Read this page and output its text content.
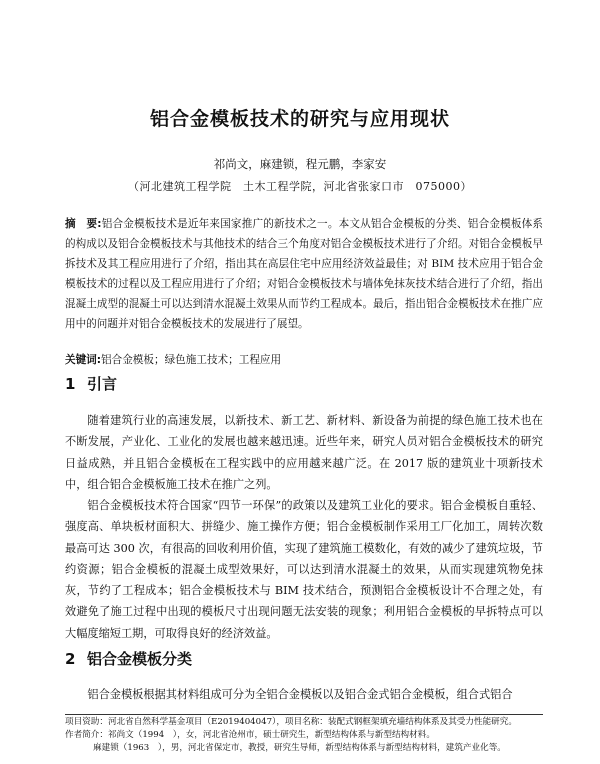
铝合金模板技术的研究与应用现状
祁尚文，麻建锁，程元鹏，李家安
（河北建筑工程学院　土木工程学院，河北省张家口市　075000）
摘　要:铝合金模板技术是近年来国家推广的新技术之一。本文从铝合金模板的分类、铝合金模板体系的构成以及铝合金模板技术与其他技术的结合三个角度对铝合金模板技术进行了介绍。对铝合金模板早拆技术及其工程应用进行了介绍，指出其在高层住宅中应用经济效益最佳；对 BIM 技术应用于铝合金模板技术的过程以及工程应用进行了介绍；对铝合金模板技术与墙体免抹灰技术结合进行了介绍，指出混凝土成型的混凝土可以达到清水混凝土效果从而节约工程成本。最后，指出铝合金模板技术在推广应用中的问题并对铝合金模板技术的发展进行了展望。
关键词:铝合金模板；绿色施工技术；工程应用
1 引言
随着建筑行业的高速发展，以新技术、新工艺、新材料、新设备为前提的绿色施工技术也在不断发展，产业化、工业化的发展也越来越迅速。近些年来，研究人员对铝合金模板技术的研究日益成熟，并且铝合金模板在工程实践中的应用越来越广泛。在 2017 版的建筑业十项新技术中，组合铝合金模板施工技术在推广之列。
铝合金模板技术符合国家“四节一环保”的政策以及建筑工业化的要求。铝合金模板自重轻、强度高、单块板材面积大、拼缝少、施工操作方便；铝合金模板制作采用工厂化加工，周转次数最高可达 300 次，有很高的回收利用价值，实现了建筑施工模数化，有效的减少了建筑垃圾，节约资源；铝合金模板的混凝土成型效果好，可以达到清水混凝土的效果，从而实现建筑物免抹灰，节约了工程成本；铝合金模板技术与 BIM 技术结合，预测铝合金模板设计不合理之处，有效避免了施工过程中出现的模板尺寸出现问题无法安装的现象；利用铝合金模板的早拆特点可以大幅度缩短工期，可取得良好的经济效益。
2 铝合金模板分类
铝合金模板根据其材料组成可分为全铝合金模板以及铝合金式铝合金模板，组合式铝合
项目资助：河北省自然科学基金项目（E2019404047），项目名称：装配式钢框架填充墙结构体系及其受力性能研究。
作者简介：祁尚文（1994　），女，河北省沧州市，硕士研究生，新型结构体系与新型结构材料。
麻建锁（1963　），男，河北省保定市，教授，研究生导师，新型结构体系与新型结构材料，建筑产业化等。
